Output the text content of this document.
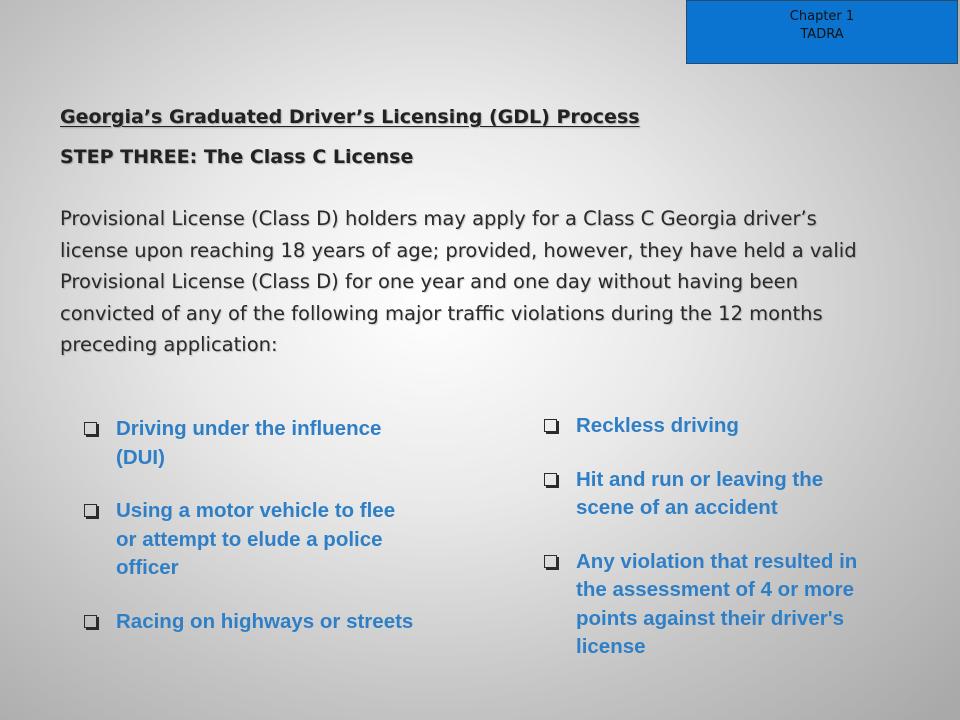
Chapter 1
TADRA
Georgia’s Graduated Driver’s Licensing (GDL) Process
STEP THREE: The Class C License

Provisional License (Class D) holders may apply for a Class C Georgia driver’s license upon reaching 18 years of age; provided, however, they have held a valid Provisional License (Class D) for one year and one day without having been convicted of any of the following major traffic violations during the 12 months preceding application:

Driving under the influence (DUI)
Using a motor vehicle to flee or attempt to elude a police officer
Racing on highways or streets
Reckless driving
Hit and run or leaving the scene of an accident
Any violation that resulted in the assessment of 4 or more points against their driver's license
